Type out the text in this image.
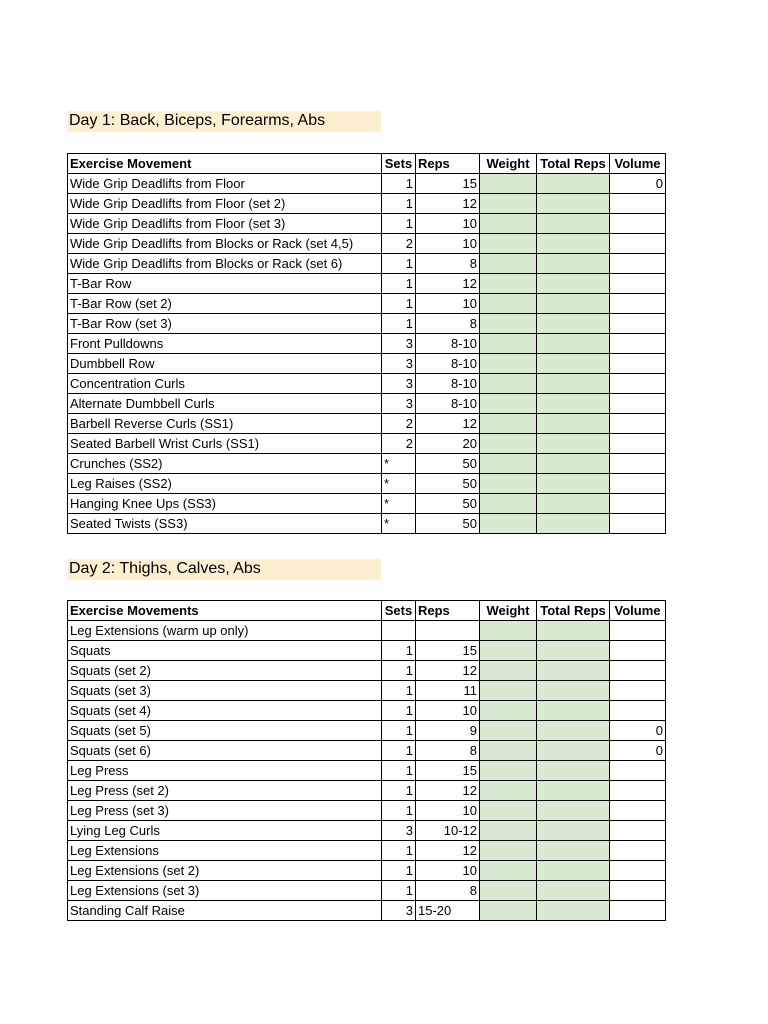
Day 1: Back, Biceps, Forearms, Abs
Exercise Movement	Sets	Reps	Weight	Total Reps	Volume
Wide Grip Deadlifts from Floor	1	15			0
Wide Grip Deadlifts from Floor (set 2)	1	12			
Wide Grip Deadlifts from Floor (set 3)	1	10			
Wide Grip Deadlifts from Blocks or Rack (set 4,5)	2	10			
Wide Grip Deadlifts from Blocks or Rack (set 6)	1	8			
T-Bar Row	1	12			
T-Bar Row (set 2)	1	10			
T-Bar Row (set 3)	1	8			
Front Pulldowns	3	8-10			
Dumbbell Row	3	8-10			
Concentration Curls	3	8-10			
Alternate Dumbbell Curls	3	8-10			
Barbell Reverse Curls (SS1)	2	12			
Seated Barbell Wrist Curls (SS1)	2	20			
Crunches (SS2)	*	50			
Leg Raises (SS2)	*	50			
Hanging Knee Ups (SS3)	*	50			
Seated Twists (SS3)	*	50			
Day 2: Thighs, Calves, Abs
Exercise Movements	Sets	Reps	Weight	Total Reps	Volume
Leg Extensions (warm up only)					
Squats	1	15			
Squats (set 2)	1	12			
Squats (set 3)	1	11			
Squats (set 4)	1	10			
Squats (set 5)	1	9			0
Squats (set 6)	1	8			0
Leg Press	1	15			
Leg Press (set 2)	1	12			
Leg Press (set 3)	1	10			
Lying Leg Curls	3	10-12			
Leg Extensions	1	12			
Leg Extensions (set 2)	1	10			
Leg Extensions (set 3)	1	8			
Standing Calf Raise	3	15-20			
